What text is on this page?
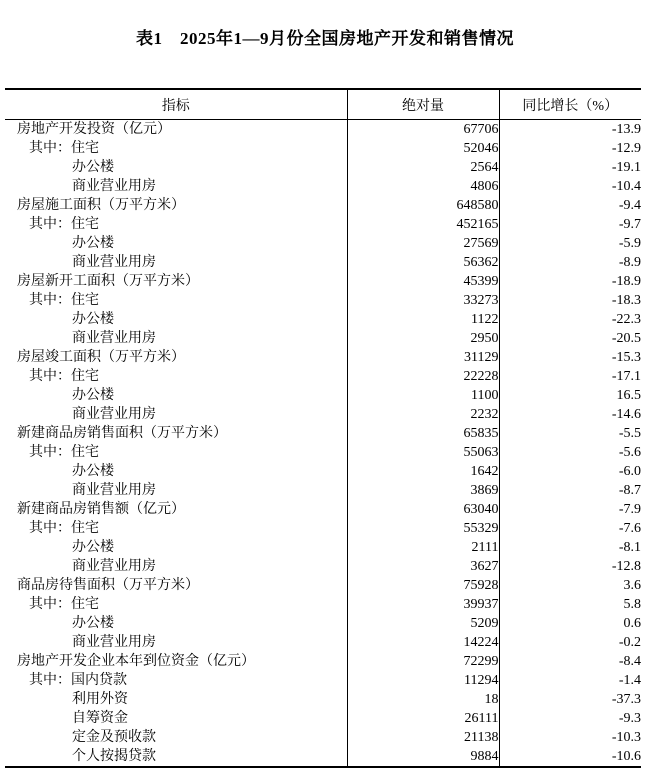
表1　2025年1—9月份全国房地产开发和销售情况
指标	绝对量	同比增长（%）
房地产开发投资（亿元）	67706	-13.9
其中：住宅	52046	-12.9
办公楼	2564	-19.1
商业营业用房	4806	-10.4
房屋施工面积（万平方米）	648580	-9.4
其中：住宅	452165	-9.7
办公楼	27569	-5.9
商业营业用房	56362	-8.9
房屋新开工面积（万平方米）	45399	-18.9
其中：住宅	33273	-18.3
办公楼	1122	-22.3
商业营业用房	2950	-20.5
房屋竣工面积（万平方米）	31129	-15.3
其中：住宅	22228	-17.1
办公楼	1100	16.5
商业营业用房	2232	-14.6
新建商品房销售面积（万平方米）	65835	-5.5
其中：住宅	55063	-5.6
办公楼	1642	-6.0
商业营业用房	3869	-8.7
新建商品房销售额（亿元）	63040	-7.9
其中：住宅	55329	-7.6
办公楼	2111	-8.1
商业营业用房	3627	-12.8
商品房待售面积（万平方米）	75928	3.6
其中：住宅	39937	5.8
办公楼	5209	0.6
商业营业用房	14224	-0.2
房地产开发企业本年到位资金（亿元）	72299	-8.4
其中：国内贷款	11294	-1.4
利用外资	18	-37.3
自筹资金	26111	-9.3
定金及预收款	21138	-10.3
个人按揭贷款	9884	-10.6
